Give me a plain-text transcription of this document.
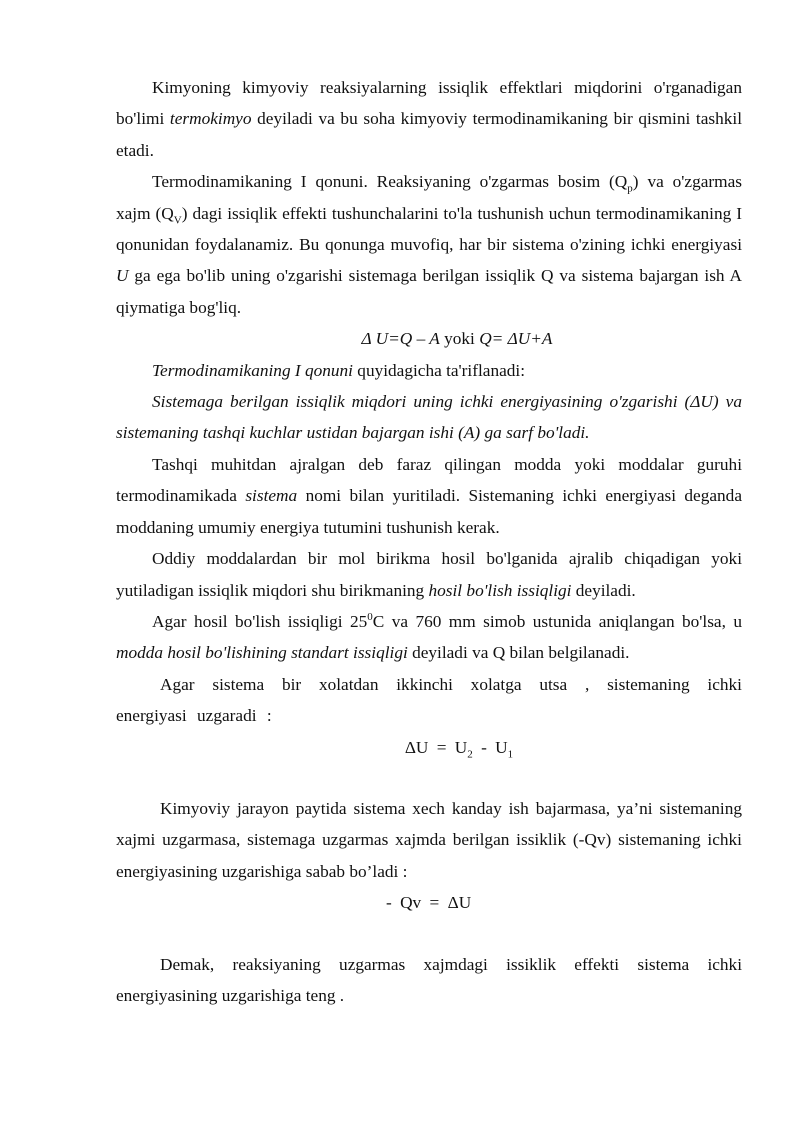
Kimyoning kimyoviy reaksiyalarning issiqlik effektlari miqdorini o'rganadigan bo'limi termokimyo deyiladi va bu soha kimyoviy termodinamikaning bir qismini tashkil etadi.

Termodinamikaning I qonuni. Reaksiyaning o'zgarmas bosim $(Q_p)$ va o'zgarmas xajm $(Q_V)$ dagi issiqlik effekti tushunchalarini to'la tushunish uchun termodinamikaning I qonunidan foydalanamiz. Bu qonunga muvofiq, har bir sistema o'zining ichki energiyasi U ga ega bo'lib uning o'zgarishi sistemaga berilgan issiqlik Q va sistema bajargan ish A qiymatiga bog'liq.

Δ U=Q – A yoki Q= ΔU+A

Termodinamikaning I qonuni quyidagicha ta'riflanadi:

Sistemaga berilgan issiqlik miqdori uning ichki energiyasining o'zgarishi (ΔU) va sistemaning tashqi kuchlar ustidan bajargan ishi (A) ga sarf bo'ladi.

Tashqi muhitdan ajralgan deb faraz qilingan modda yoki moddalar guruhi termodinamikada sistema nomi bilan yuritiladi. Sistemaning ichki energiyasi deganda moddaning umumiy energiya tutumini tushunish kerak.

Oddiy moddalardan bir mol birikma hosil bo'lganida ajralib chiqadigan yoki yutiladigan issiqlik miqdori shu birikmaning hosil bo'lish issiqligi deyiladi.

Agar hosil bo'lish issiqligi $25^0C$ va 760 mm simob ustunida aniqlangan bo'lsa, u modda hosil bo'lishining standart issiqligi deyiladi va Q bilan belgilanadi.

Agar sistema bir xolatdan ikkinchi xolatga utsa , sistemaning ichki energiyasi uzgaradi :

$\Delta U = U_2 - U_1$

Kimyoviy jarayon paytida sistema xech kanday ish bajarmasa, ya’ni sistemaning xajmi uzgarmasa, sistemaga uzgarmas xajmda berilgan issiklik (-Qv) sistemaning ichki energiyasining uzgarishiga sabab bo’ladi :

- Qv = ΔU

Demak, reaksiyaning uzgarmas xajmdagi issiklik effekti sistema ichki energiyasining uzgarishiga teng .
